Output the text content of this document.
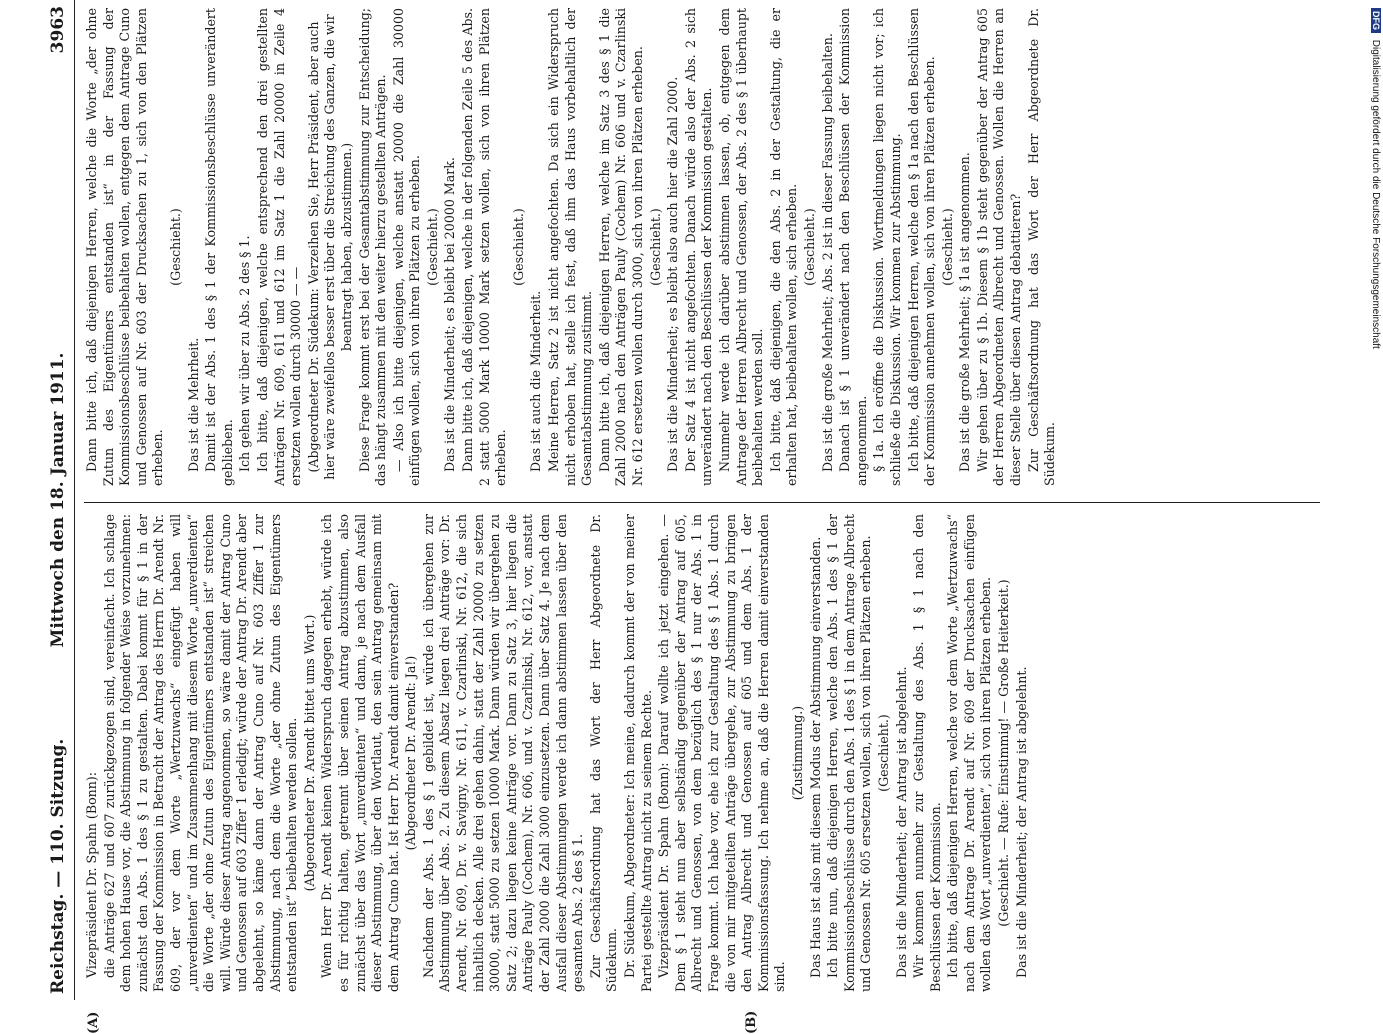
Reichstag. — 110. Sitzung.
Mittwoch den 18. Januar 1911.
3963

Vizepräsident Dr. Spahn (Bonn): die Anträge 627 und 607 zurückgezogen sind, vereinfacht. Ich schlage dem hohen Hause vor, die Abstimmung in folgender Weise vorzunehmen: zunächst den Abs. 1 des § 1 zu gestalten. Dabei kommt für § 1 in der Fassung der Kommission in Betracht der Antrag des Herrn Dr. Arendt Nr. 609, der vor dem Worte „Wertzuwachs“ eingefügt haben will „unverdienten“ und im Zusammenhang mit diesem Worte „unverdienten“ die Worte „der ohne Zutun des Eigentümers entstanden ist“ streichen will. Würde dieser Antrag angenommen, so wäre damit der Antrag Cuno und Genossen auf 603 Ziffer 1 erledigt; würde der Antrag Dr. Arendt aber abgelehnt, so käme dann der Antrag Cuno auf Nr. 603 Ziffer 1 zur Abstimmung, nach dem die Worte „der ohne Zutun des Eigentümers entstanden ist“ beibehalten werden sollen. (Abgeordneter Dr. Arendt bittet ums Wort.) Wenn Herr Dr. Arendt keinen Widerspruch dagegen erhebt, würde ich es für richtig halten, getrennt über seinen Antrag abzustimmen, also zunächst über das Wort „unverdienten“ und dann, je nach dem Ausfall dieser Abstimmung, über den Wortlaut, den sein Antrag gemeinsam mit dem Antrag Cuno hat. Ist Herr Dr. Arendt damit einverstanden? (Abgeordneter Dr. Arendt: Ja!) Nachdem der Abs. 1 des § 1 gebildet ist, würde ich übergehen zur Abstimmung über Abs. 2. Zu diesem Absatz liegen drei Anträge vor: Dr. Arendt, Nr. 609, Dr. v. Savigny, Nr. 611, v. Czarlinski, Nr. 612, die sich inhaltlich decken. Alle drei gehen dahin, statt der Zahl 20000 zu setzen 30000, statt 5000 zu setzen 10000 Mark. Dann würden wir übergehen zu Satz 2; dazu liegen keine Anträge vor. Dann zu Satz 3, hier liegen die Anträge Pauly (Cochem), Nr. 606, und v. Czarlinski, Nr. 612, vor, anstatt der Zahl 2000 die Zahl 3000 einzusetzen. Dann über Satz 4. Je nach dem Ausfall dieser Abstimmungen werde ich dann abstimmen lassen über den gesamten Abs. 2 des § 1. Zur Geschäftsordnung hat das Wort der Herr Abgeordnete Dr. Südekum. Dr. Südekum, Abgeordneter: Ich meine, dadurch kommt der von meiner Partei gestellte Antrag nicht zu seinem Rechte. Vizepräsident Dr. Spahn (Bonn): Darauf wollte ich jetzt eingehen. — Dem § 1 steht nun aber selbständig gegenüber der Antrag auf 605, Albrecht und Genossen, von dem bezüglich des § 1 nur der Abs. 1 in Frage kommt. Ich habe vor, ehe ich zur Gestaltung des § 1 Abs. 1 durch die von mir mitgeteilten Anträge übergehe, zur Abstimmung zu bringen den Antrag Albrecht und Genossen auf 605 und dem Abs. 1 der Kommissionsfassung. Ich nehme an, daß die Herren damit einverstanden sind.

(Zustimmung.) Das Haus ist also mit diesem Modus der Abstimmung einverstanden. Ich bitte nun, daß diejenigen Herren, welche den Abs. 1 des § 1 der Kommissionsbeschlüsse durch den Abs. 1 des § 1 in dem Antrage Albrecht und Genossen Nr. 605 ersetzen wollen, sich von ihren Plätzen erheben. (Geschieht.) Das ist die Minderheit; der Antrag ist abgelehnt. Wir kommen nunmehr zur Gestaltung des Abs. 1 § 1 nach den Beschlüssen der Kommission. Ich bitte, daß diejenigen Herren, welche vor dem Worte „Wertzuwachs“ nach dem Antrage Dr. Arendt auf Nr. 609 der Drucksachen einfügen wollen das Wort „unverdienten“, sich von ihren Plätzen erheben. (Geschieht. — Rufe: Einstimmig! — Große Heiterkeit.) Das ist die Minderheit; der Antrag ist abgelehnt.

Dann bitte ich, daß diejenigen Herren, welche die Worte „der ohne Zutun des Eigentümers entstanden ist“ in der Fassung der Kommissionsbeschlüsse beibehalten wollen, entgegen dem Antrage Cuno und Genossen auf Nr. 603 der Drucksachen zu 1, sich von den Plätzen erheben.

(Geschieht.)

Das ist die Mehrheit. Damit ist der Abs. 1 des § 1 der Kommissionsbeschlüsse unverändert geblieben. Ich gehen wir über zu Abs. 2 des § 1. Ich bitte, daß diejenigen, welche entsprechend den drei gestellten Anträgen Nr. 609, 611 und 612 im Satz 1 die Zahl 20000 in Zeile 4 ersetzen wollen durch 30000 — — (Abgeordneter Dr. Südekum: Verzeihen Sie, Herr Präsident, aber auch hier wäre zweifellos besser erst über die Streichung des Ganzen, die wir beantragt haben, abzustimmen.) Diese Frage kommt erst bei der Gesamtabstimmung zur Entscheidung; das hängt zusammen mit den weiter hierzu gestellten Anträgen. — Also ich bitte diejenigen, welche anstatt 20000 die Zahl 30000 einfügen wollen, sich von ihren Plätzen zu erheben. (Geschieht.) Das ist die Minderheit; es bleibt bei 20000 Mark. Dann bitte ich, daß diejenigen, welche in der folgenden Zeile 5 des Abs. 2 statt 5000 Mark 10000 Mark setzen wollen, sich von ihren Plätzen erheben.

(Geschieht.)

Das ist auch die Minderheit. Meine Herren, Satz 2 ist nicht angefochten. Da sich ein Widerspruch nicht erhoben hat, stelle ich fest, daß ihm das Haus vorbehaltlich der Gesamtabstimmung zustimmt. Dann bitte ich, daß diejenigen Herren, welche im Satz 3 des § 1 die Zahl 2000 nach den Anträgen Pauly (Cochem) Nr. 606 und v. Czarlinski Nr. 612 ersetzen wollen durch 3000, sich von ihren Plätzen erheben. (Geschieht.) Das ist die Minderheit; es bleibt also auch hier die Zahl 2000. Der Satz 4 ist nicht angefochten. Danach würde also der Abs. 2 sich unverändert nach den Beschlüssen der Kommission gestalten. Nunmehr werde ich darüber abstimmen lassen, ob, entgegen dem Antrage der Herren Albrecht und Genossen, der Abs. 2 des § 1 überhaupt beibehalten werden soll. Ich bitte, daß diejenigen, die den Abs. 2 in der Gestaltung, die er erhalten hat, beibehalten wollen, sich erheben. (Geschieht.) Das ist die große Mehrheit; Abs. 2 ist in dieser Fassung beibehalten. Danach ist § 1 unverändert nach den Beschlüssen der Kommission angenommen. § 1a. Ich eröffne die Diskussion. Wortmeldungen liegen nicht vor; ich schließe die Diskussion. Wir kommen zur Abstimmung. Ich bitte, daß diejenigen Herren, welche den § 1a nach den Beschlüssen der Kommission annehmen wollen, sich von ihren Plätzen erheben. (Geschieht.) Das ist die große Mehrheit; § 1a ist angenommen. Wir gehen über zu § 1b. Diesem § 1b steht gegenüber der Antrag 605 der Herren Abgeordneten Albrecht und Genossen. Wollen die Herren an dieser Stelle über diesen Antrag debattieren? Zur Geschäftsordnung hat das Wort der Herr Abgeordnete Dr. Südekum.

(A)	(B)
DFG Digitalisierung gefördert durch die Deutsche Forschungsgemeinschaft
